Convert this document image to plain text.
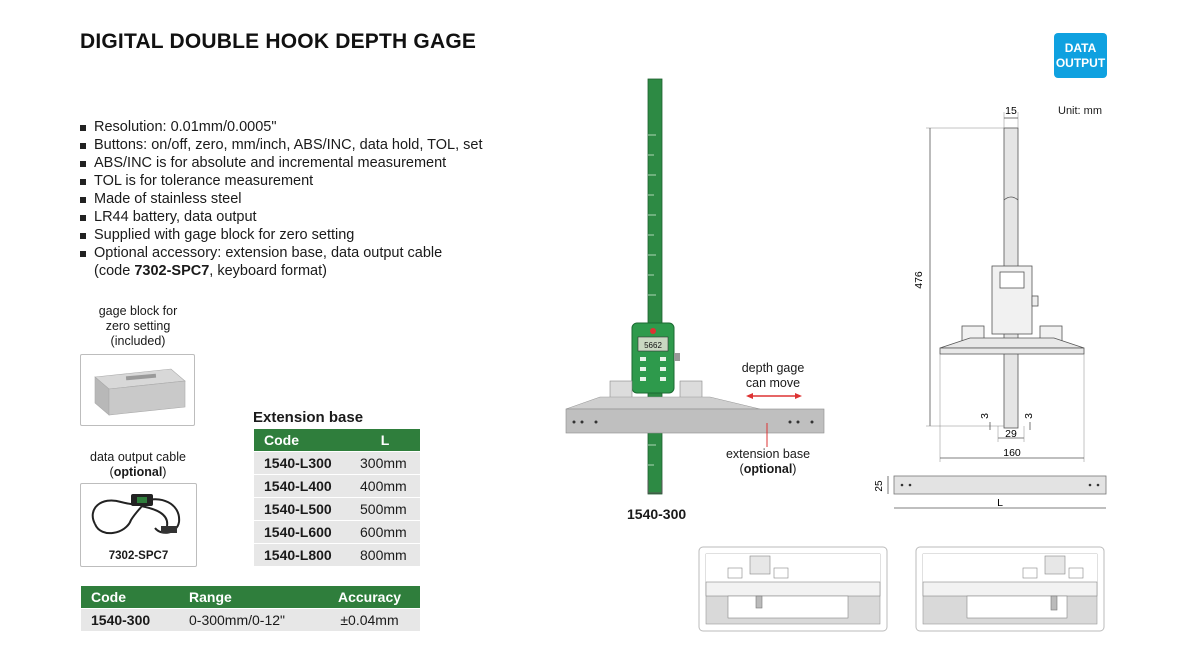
DIGITAL DOUBLE HOOK DEPTH GAGE	DATA
OUTPUT
Resolution: 0.01mm/0.0005"
Buttons: on/off, zero, mm/inch, ABS/INC, data hold, TOL, set
ABS/INC is for absolute and incremental measurement
TOL is for tolerance measurement
Made of stainless steel
LR44 battery, data output
Supplied with gage block for zero setting
Optional accessory: extension base, data output cable
(code 7302-SPC7, keyboard format)
gage block for
zero setting
(included)
data output cable
(optional)
7302-SPC7
Extension base
Code	L
1540-L300	300mm
1540-L400	400mm
1540-L500	500mm
1540-L600	600mm
1540-L800	800mm
Code	Range	Accuracy
1540-300	0-300mm/0-12"	±0.04mm
5662
depth gage
can move
extension base
(optional)
1540-300
Unit: mm
15
476
3	3
29
160
25
L
